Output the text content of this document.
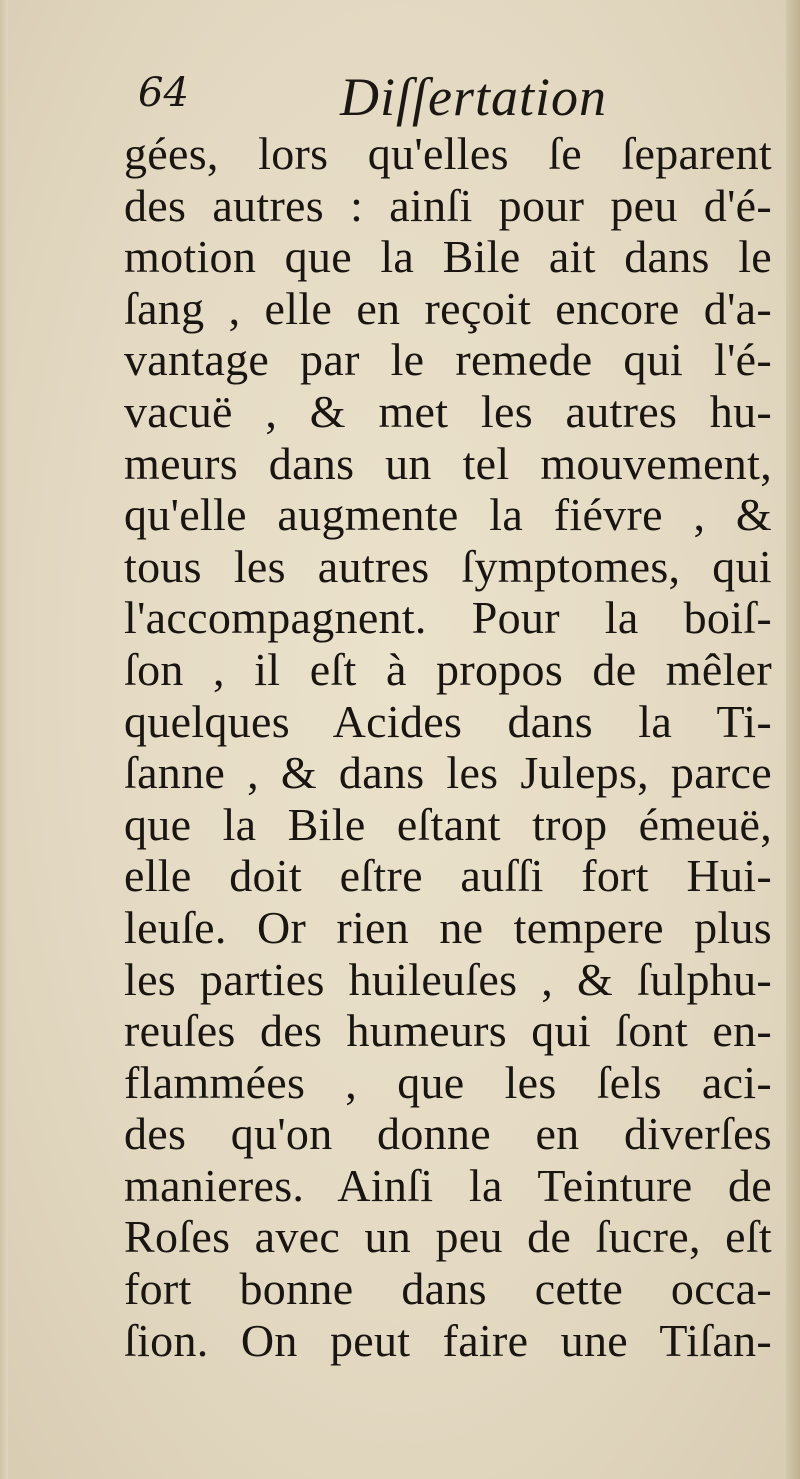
64	Diſſertation
gées, lors qu'elles ſe ſeparent
des autres : ainſi pour peu d'é-
motion que la Bile ait dans le
ſang , elle en reçoit encore d'a-
vantage par le remede qui l'é-
vacuë , & met les autres hu-
meurs dans un tel mouvement,
qu'elle augmente la fiévre , &
tous les autres ſymptomes, qui
l'accompagnent. Pour la boiſ-
ſon , il eſt à propos de mêler
quelques Acides dans la Ti-
ſanne , & dans les Juleps, parce
que la Bile eſtant trop émeuë,
elle doit eſtre auſſi fort Hui-
leuſe. Or rien ne tempere plus
les parties huileuſes , & ſulphu-
reuſes des humeurs qui ſont en-
flammées , que les ſels aci-
des qu'on donne en diverſes
manieres. Ainſi la Teinture de
Roſes avec un peu de ſucre, eſt
fort bonne dans cette occa-
ſion. On peut faire une Tiſan-
